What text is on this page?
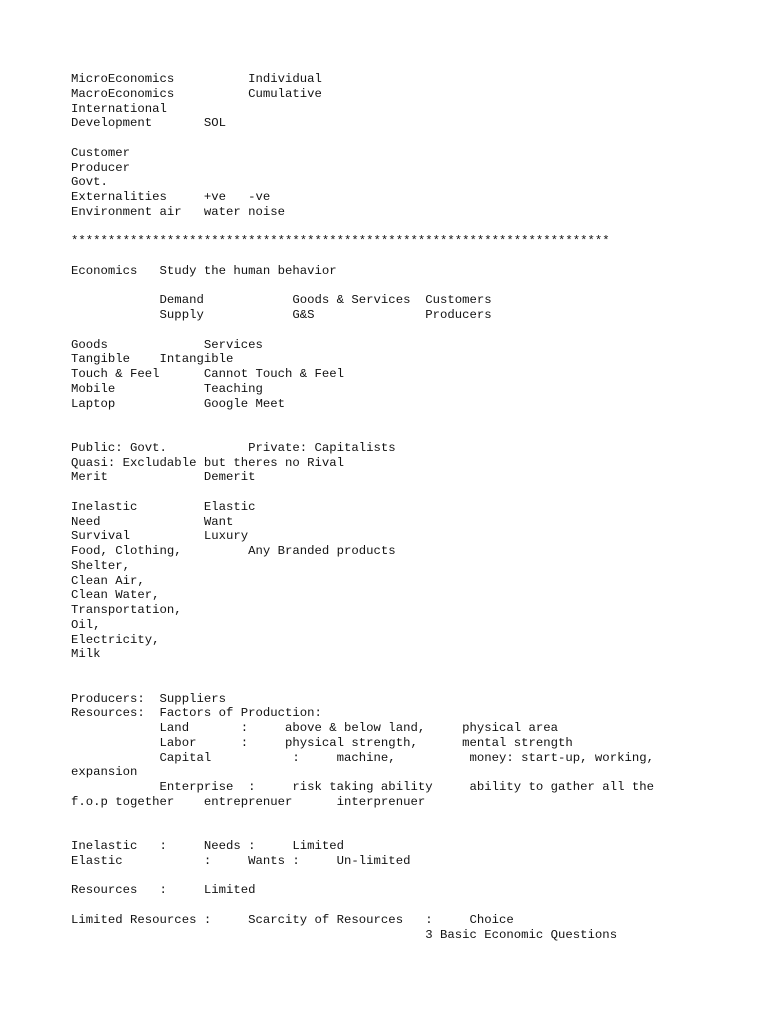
MicroEconomics          Individual
MacroEconomics          Cumulative
International
Development       SOL
Customer
Producer
Govt.
Externalities     +ve   -ve
Environment air   water noise
*************************************************************************
Economics   Study the human behavior
Demand            Goods & Services  Customers
Supply            G&S               Producers
Goods             Services
Tangible    Intangible
Touch & Feel      Cannot Touch & Feel
Mobile            Teaching
Laptop            Google Meet
Public: Govt.           Private: Capitalists
Quasi: Excludable but theres no Rival
Merit             Demerit
Inelastic         Elastic
Need              Want
Survival          Luxury
Food, Clothing,         Any Branded products
Shelter,
Clean Air,
Clean Water,
Transportation,
Oil,
Electricity,
Milk
Producers:  Suppliers
Resources:  Factors of Production:
Land       :     above & below land,     physical area
Labor      :     physical strength,      mental strength
Capital           :     machine,          money: start-up, working,
expansion
Enterprise  :     risk taking ability     ability to gather all the
f.o.p together    entreprenuer      interprenuer
Inelastic   :     Needs :     Limited
Elastic           :     Wants :     Un-limited
Resources   :     Limited
Limited Resources :     Scarcity of Resources   :     Choice
3 Basic Economic Questions
